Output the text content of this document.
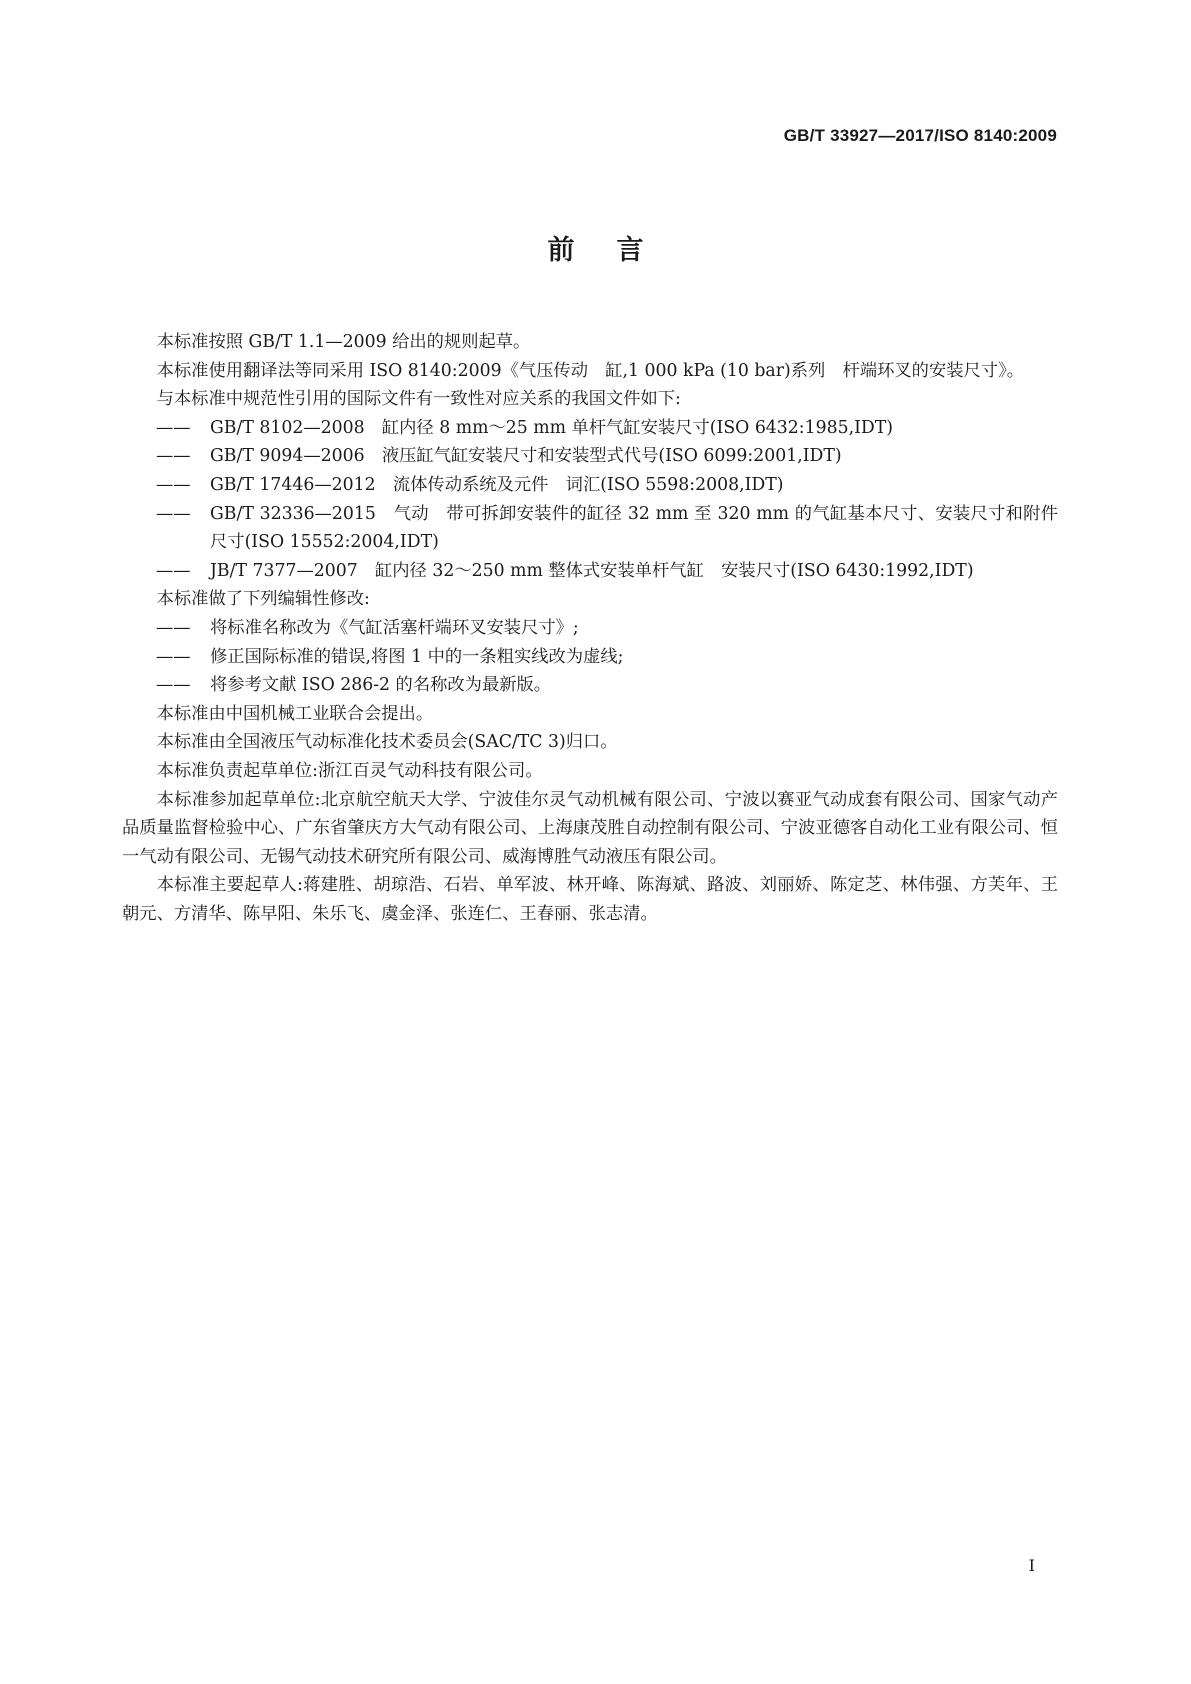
GB/T 33927—2017/ISO 8140:2009
前言

本标准按照 GB/T 1.1—2009 给出的规则起草。

本标准使用翻译法等同采用 ISO 8140:2009《气压传动　缸,1 000 kPa (10 bar)系列　杆端环叉的安装尺寸》。

与本标准中规范性引用的国际文件有一致性对应关系的我国文件如下:

—— GB/T 8102—2008　缸内径 8 mm～25 mm 单杆气缸安装尺寸(ISO 6432:1985,IDT)

—— GB/T 9094—2006　液压缸气缸安装尺寸和安装型式代号(ISO 6099:2001,IDT)

—— GB/T 17446—2012　流体传动系统及元件　词汇(ISO 5598:2008,IDT)

—— GB/T 32336—2015　气动　带可拆卸安装件的缸径 32 mm 至 320 mm 的气缸基本尺寸、安装尺寸和附件尺寸(ISO 15552:2004,IDT)

—— JB/T 7377—2007　缸内径 32～250 mm 整体式安装单杆气缸　安装尺寸(ISO 6430:1992,IDT)

本标准做了下列编辑性修改:

—— 将标准名称改为《气缸活塞杆端环叉安装尺寸》;

—— 修正国际标准的错误,将图 1 中的一条粗实线改为虚线;

—— 将参考文献 ISO 286-2 的名称改为最新版。

本标准由中国机械工业联合会提出。

本标准由全国液压气动标准化技术委员会(SAC/TC 3)归口。

本标准负责起草单位:浙江百灵气动科技有限公司。

本标准参加起草单位:北京航空航天大学、宁波佳尔灵气动机械有限公司、宁波以赛亚气动成套有限公司、国家气动产品质量监督检验中心、广东省肇庆方大气动有限公司、上海康茂胜自动控制有限公司、宁波亚德客自动化工业有限公司、恒一气动有限公司、无锡气动技术研究所有限公司、威海博胜气动液压有限公司。

本标准主要起草人:蒋建胜、胡琼浩、石岩、单军波、林开峰、陈海斌、路波、刘丽娇、陈定芝、林伟强、方芙年、王朝元、方清华、陈早阳、朱乐飞、虞金泽、张连仁、王春丽、张志清。

I
